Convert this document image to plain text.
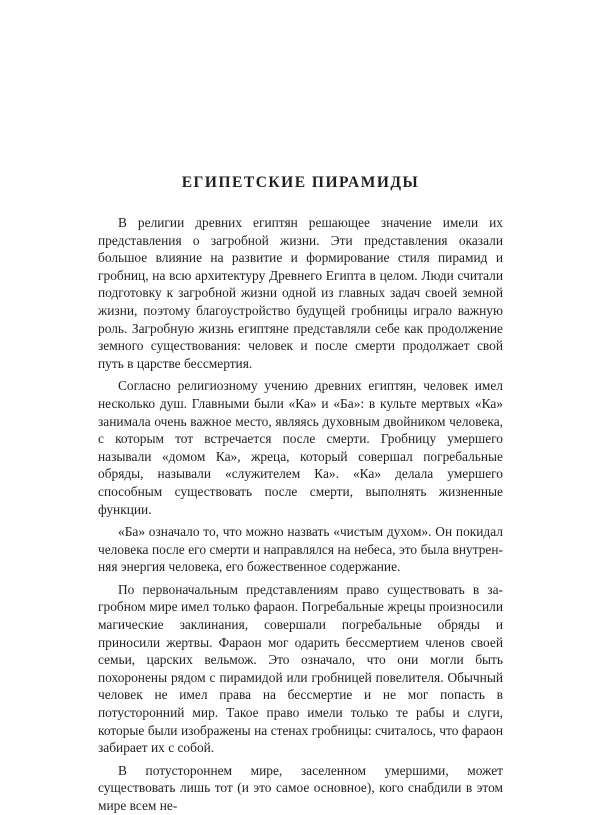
ЕГИПЕТСКИЕ ПИРАМИДЫ

В религии древних египтян решающее значение имели их представления о загробной жизни. Эти представления оказали большое влияние на развитие и формирование стиля пирамид и гробниц, на всю архитектуру Древнего Египта в целом. Люди считали подготовку к загробной жизни одной из главных задач своей земной жизни, поэтому благоустройство будущей гробницы играло важную роль. Загробную жизнь египтяне представляли себе как продолжение земного существования: человек и после смерти продолжает свой путь в царстве бессмертия.

Согласно религиозному учению древних египтян, человек имел несколько душ. Главными были «Ка» и «Ба»: в культе мертвых «Ка» занимала очень важное место, являясь духовным двойником человека, с которым тот встречается после смерти. Гробницу умершего называли «домом Ка», жреца, который совершал погребальные обряды, называли «служителем Ка». «Ка» делала умершего способным существовать после смерти, выполнять жизненные функции.

«Ба» означало то, что можно назвать «чистым духом». Он покидал человека после его смерти и направлялся на небеса, это была внутренняя энергия человека, его божественное содержание.

По первоначальным представлениям право существовать в загробном мире имел только фараон. Погребальные жрецы произносили магические заклинания, совершали погребальные обряды и приносили жертвы. Фараон мог одарить бессмертием членов своей семьи, царских вельмож. Это означало, что они могли быть похоронены рядом с пирамидой или гробницей повелителя. Обычный человек не имел права на бессмертие и не мог попасть в потусторонний мир. Такое право имели только те рабы и слуги, которые были изображены на стенах гробницы: считалось, что фараон забирает их с собой.

В потустороннем мире, заселенном умершими, может существовать лишь тот (и это самое основное), кого снабдили в этом мире всем не-
